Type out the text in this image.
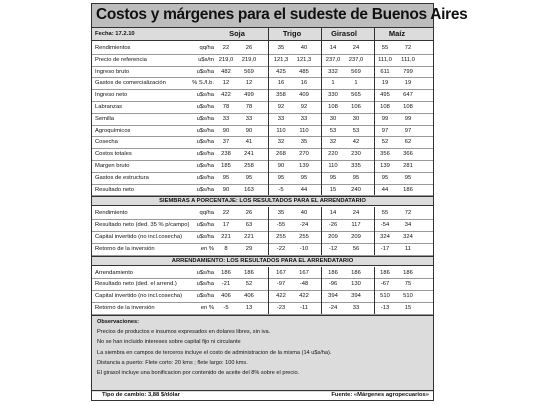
Costos y márgenes para el sudeste de Buenos Aires
Fecha: 17.2.10	Soja	Trigo	Girasol	Maíz
Rendimientos	qq/ha	22	26	35	40	14	24	55	72
Precio de referencia	u$s/tn 219,0	219,0	121,3	121,3	237,0	237,0	111,0	111,0
Ingreso bruto	u$s/ha	482	569	425	485	332	569	611	799
Gastos de comercialización	% S./I.b.	12	12	16	16	1	1	19	19
Ingreso neto	u$s/ha	422	499	358	409	330	565	495	647
Labranzas	u$s/ha	78	78	92	92	108	106	108	108
Semilla	u$s/ha	33	33	33	33	30	30	99	99
Agroquímicos	u$s/ha	90	90	110	110	53	53	97	97
Cosecha	u$s/ha	37	41	32	35	32	42	52	62
Costos totales	u$s/ha	238	241	268	270	220	230	356	366
Margen bruto	u$s/ha	185	258	90	139	110	335	139	281
Gastos de estructura	u$s/ha	95	95	95	95	95	95	95	95
Resultado neto	u$s/ha	90	163	-5	44	15	240	44	186
SIEMBRAS A PORCENTAJE: LOS RESULTADOS PARA EL ARRENDATARIO
Rendimiento	qq/ha	22	26	35	40	14	24	55	72
Resultado neto (ded. 35 % p/campo)	u$s/ha	17	63	-55	-24	-26	117	-54	34
Capital invertido (no incl.cosecha)	u$s/ha	221	221	255	255	209	209	324	324
Retorno de la inversión	en %	8	29	-22	-10	-12	56	-17	11
ARRENDAMIENTO: LOS RESULTADOS PARA EL ARRENDATARIO
Arrendamiento	u$s/ha	186	186	167	167	186	186	186	186
Resultado neto (ded. el arrend.)	u$s/ha	-21	52	-97	-48	-96	130	-67	75
Capital invertido (no incl.cosecha)	u$s/ha	406	406	422	422	394	394	510	510
Retorno de la inversión	en %	-5	13	-23	-11	-24	33	-13	15
Observaciones:
Precios de productos e insumos expresados en dolares libres, sin iva.
No se han incluido intereses sobre capital fijo ni circulante
La siembra en campos de terceros incluye el costo de administracion de la misma (14 u$s/ha).
Distancia a puerto: Flete corto: 20 kms ; flete largo: 100 kms.
El girasol incluye una bonificacion por contenido de aceite del 8% sobre el precio.
Tipo de cambio: 3,88 $/dólar	Fuente: «Márgenes agropecuarios»
